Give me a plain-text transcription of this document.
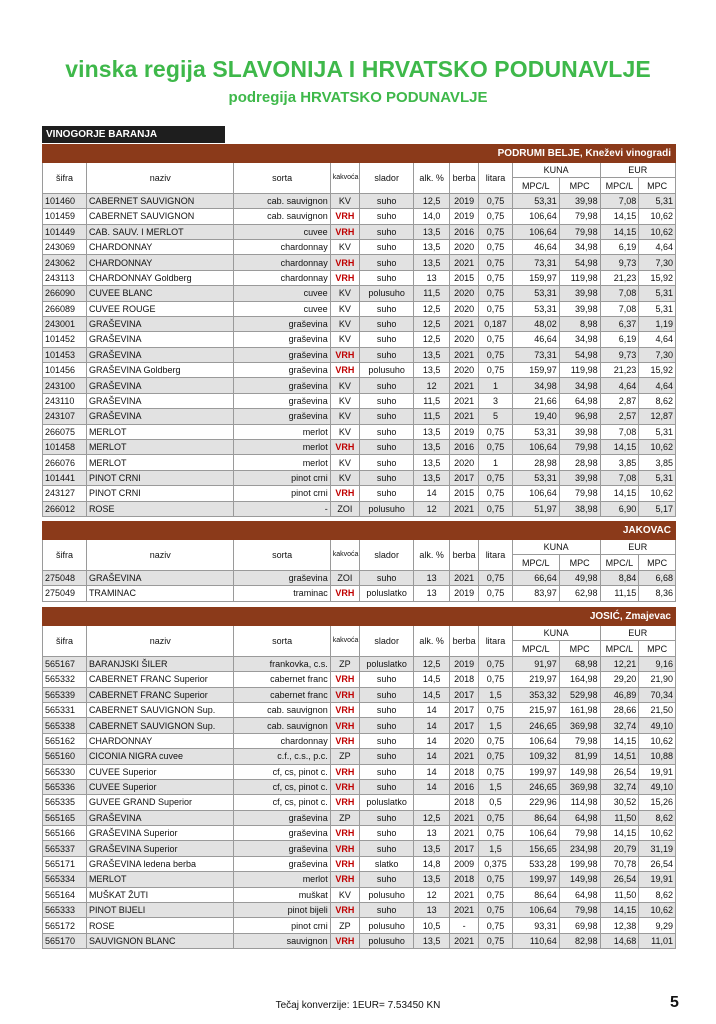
vinska regija SLAVONIJA I HRVATSKO PODUNAVLJE
podregija HRVATSKO PODUNAVLJE
VINOGORJE BARANJA
PODRUMI BELJE, Kneževi vinogradi											
šifra	naziv	sorta	kakvoća	slador	alk. %	berba	litara	KUNA		EUR	
								MPC/L	MPC	MPC/L	MPC
101460	CABERNET SAUVIGNON	cab. sauvignon	KV	suho	12,5	2019	0,75	53,31	39,98	7,08	5,31
101459	CABERNET SAUVIGNON	cab. sauvignon	VRH	suho	14,0	2019	0,75	106,64	79,98	14,15	10,62
101449	CAB. SAUV. I MERLOT	cuvee	VRH	suho	13,5	2016	0,75	106,64	79,98	14,15	10,62
243069	CHARDONNAY	chardonnay	KV	suho	13,5	2020	0,75	46,64	34,98	6,19	4,64
243062	CHARDONNAY	chardonnay	VRH	suho	13,5	2021	0,75	73,31	54,98	9,73	7,30
243113	CHARDONNAY Goldberg	chardonnay	VRH	suho	13	2015	0,75	159,97	119,98	21,23	15,92
266090	CUVEE BLANC	cuvee	KV	polusuho	11,5	2020	0,75	53,31	39,98	7,08	5,31
266089	CUVEE ROUGE	cuvee	KV	suho	12,5	2020	0,75	53,31	39,98	7,08	5,31
243001	GRAŠEVINA	graševina	KV	suho	12,5	2021	0,187	48,02	8,98	6,37	1,19
101452	GRAŠEVINA	graševina	KV	suho	12,5	2020	0,75	46,64	34,98	6,19	4,64
101453	GRAŠEVINA	graševina	VRH	suho	13,5	2021	0,75	73,31	54,98	9,73	7,30
101456	GRAŠEVINA Goldberg	graševina	VRH	polusuho	13,5	2020	0,75	159,97	119,98	21,23	15,92
243100	GRAŠEVINA	graševina	KV	suho	12	2021	1	34,98	34,98	4,64	4,64
243110	GRAŠEVINA	graševina	KV	suho	11,5	2021	3	21,66	64,98	2,87	8,62
243107	GRAŠEVINA	graševina	KV	suho	11,5	2021	5	19,40	96,98	2,57	12,87
266075	MERLOT	merlot	KV	suho	13,5	2019	0,75	53,31	39,98	7,08	5,31
101458	MERLOT	merlot	VRH	suho	13,5	2016	0,75	106,64	79,98	14,15	10,62
266076	MERLOT	merlot	KV	suho	13,5	2020	1	28,98	28,98	3,85	3,85
101441	PINOT CRNI	pinot crni	KV	suho	13,5	2017	0,75	53,31	39,98	7,08	5,31
243127	PINOT CRNI	pinot crni	VRH	suho	14	2015	0,75	106,64	79,98	14,15	10,62
266012	ROSE	-	ZOI	polusuho	12	2021	0,75	51,97	38,98	6,90	5,17
JAKOVAC											
šifra	naziv	sorta	kakvoća	slador	alk. %	berba	litara	KUNA		EUR	
								MPC/L	MPC	MPC/L	MPC
275048	GRAŠEVINA	graševina	ZOI	suho	13	2021	0,75	66,64	49,98	8,84	6,68
275049	TRAMINAC	traminac	VRH	poluslatko	13	2019	0,75	83,97	62,98	11,15	8,36
JOSIĆ, Zmajevac											
šifra	naziv	sorta	kakvoća	slador	alk. %	berba	litara	KUNA		EUR	
								MPC/L	MPC	MPC/L	MPC
565167	BARANJSKI ŠILER	frankovka, c.s.	ZP	poluslatko	12,5	2019	0,75	91,97	68,98	12,21	9,16
565332	CABERNET FRANC Superior	cabernet franc	VRH	suho	14,5	2018	0,75	219,97	164,98	29,20	21,90
565339	CABERNET FRANC Superior	cabernet franc	VRH	suho	14,5	2017	1,5	353,32	529,98	46,89	70,34
565331	CABERNET SAUVIGNON Sup.	cab. sauvignon	VRH	suho	14	2017	0,75	215,97	161,98	28,66	21,50
565338	CABERNET SAUVIGNON Sup.	cab. sauvignon	VRH	suho	14	2017	1,5	246,65	369,98	32,74	49,10
565162	CHARDONNAY	chardonnay	VRH	suho	14	2020	0,75	106,64	79,98	14,15	10,62
565160	CICONIA NIGRA cuvee	c.f., c.s., p.c.	ZP	suho	14	2021	0,75	109,32	81,99	14,51	10,88
565330	CUVEE Superior	cf, cs, pinot c.	VRH	suho	14	2018	0,75	199,97	149,98	26,54	19,91
565336	CUVEE Superior	cf, cs, pinot c.	VRH	suho	14	2016	1,5	246,65	369,98	32,74	49,10
565335	GUVEE GRAND Superior	cf, cs, pinot c.	VRH	poluslatko		2018	0,5	229,96	114,98	30,52	15,26
565165	GRAŠEVINA	graševina	ZP	suho	12,5	2021	0,75	86,64	64,98	11,50	8,62
565166	GRAŠEVINA Superior	graševina	VRH	suho	13	2021	0,75	106,64	79,98	14,15	10,62
565337	GRAŠEVINA Superior	graševina	VRH	suho	13,5	2017	1,5	156,65	234,98	20,79	31,19
565171	GRAŠEVINA ledena berba	graševina	VRH	slatko	14,8	2009	0,375	533,28	199,98	70,78	26,54
565334	MERLOT	merlot	VRH	suho	13,5	2018	0,75	199,97	149,98	26,54	19,91
565164	MUŠKAT ŽUTI	muškat	KV	polusuho	12	2021	0,75	86,64	64,98	11,50	8,62
565333	PINOT BIJELI	pinot bijeli	VRH	suho	13	2021	0,75	106,64	79,98	14,15	10,62
565172	ROSE	pinot crni	ZP	polusuho	10,5	-	0,75	93,31	69,98	12,38	9,29
565170	SAUVIGNON BLANC	sauvignon	VRH	polusuho	13,5	2021	0,75	110,64	82,98	14,68	11,01
Tečaj konverzije: 1EUR= 7.53450 KN	5
